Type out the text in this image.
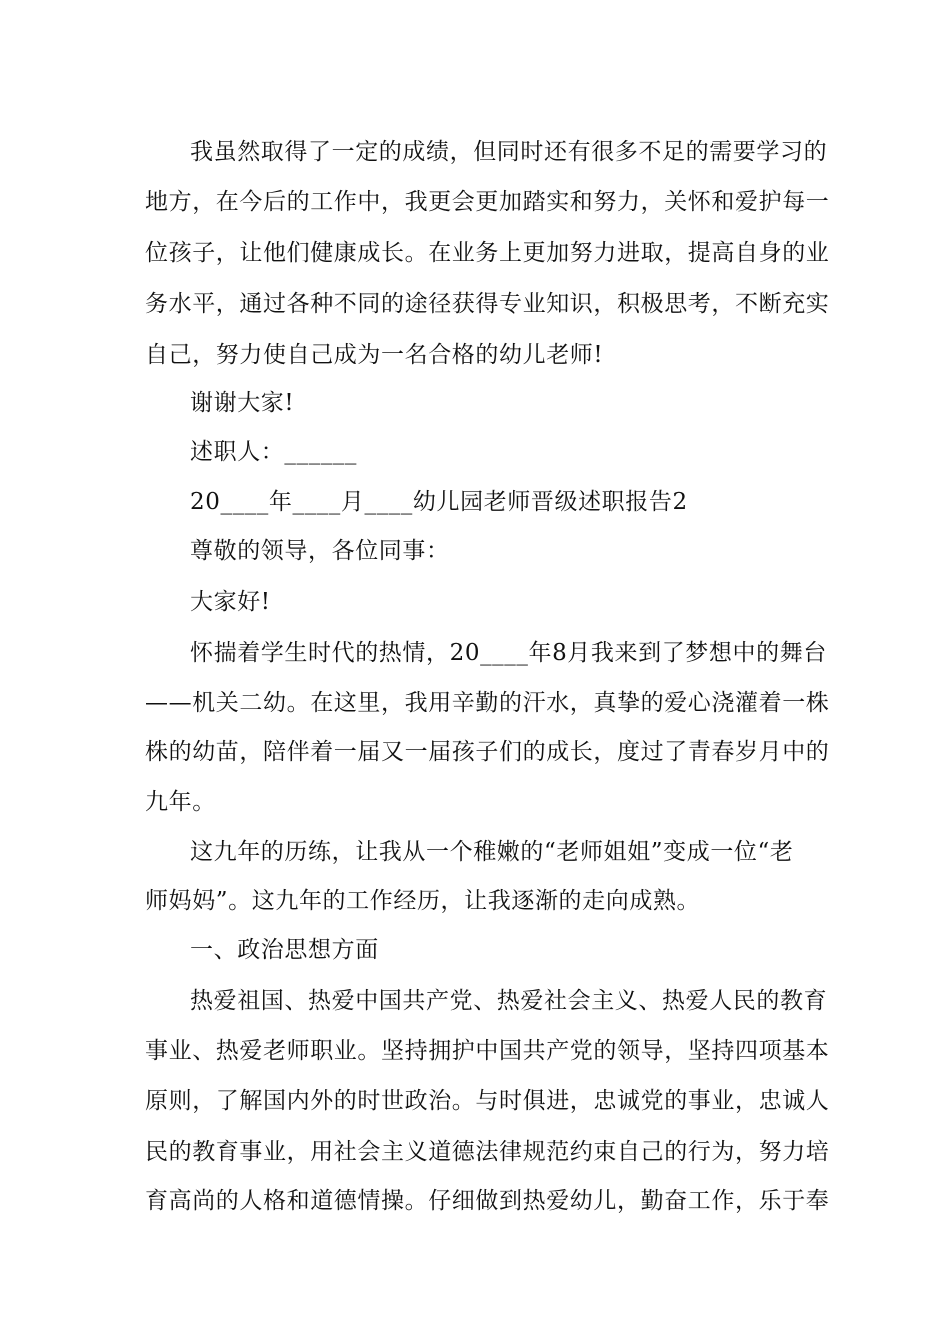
我虽然取得了一定的成绩，但同时还有很多不足的需要学习的
地方，在今后的工作中，我更会更加踏实和努力，关怀和爱护每一
位孩子，让他们健康成长。在业务上更加努力进取，提高自身的业
务水平，通过各种不同的途径获得专业知识，积极思考，不断充实
自己，努力使自己成为一名合格的幼儿老师!
谢谢大家!
述职人：______
20____年____月____幼儿园老师晋级述职报告2
尊敬的领导，各位同事：
大家好!
怀揣着学生时代的热情，20____年8月我来到了梦想中的舞台
——机关二幼。在这里，我用辛勤的汗水，真挚的爱心浇灌着一株
株的幼苗，陪伴着一届又一届孩子们的成长，度过了青春岁月中的
九年。
这九年的历练，让我从一个稚嫩的“老师姐姐”变成一位“老
师妈妈”。这九年的工作经历，让我逐渐的走向成熟。
一、政治思想方面
热爱祖国、热爱中国共产党、热爱社会主义、热爱人民的教育
事业、热爱老师职业。坚持拥护中国共产党的领导，坚持四项基本
原则，了解国内外的时世政治。与时俱进，忠诚党的事业，忠诚人
民的教育事业，用社会主义道德法律规范约束自己的行为，努力培
育高尚的人格和道德情操。仔细做到热爱幼儿，勤奋工作，乐于奉
